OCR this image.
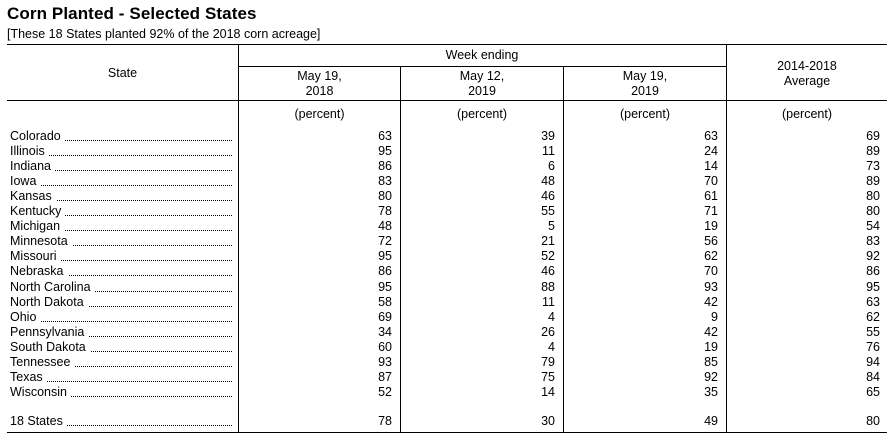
Corn Planted - Selected States
[These 18 States planted 92% of the 2018 corn acreage]
State
Week ending
May 19,
2018
May 12,
2019
May 19,
2019
2014-2018
Average
(percent)	(percent)	(percent)	(percent)
Colorado	63	39	63	69
Illinois	95	11	24	89
Indiana	86	6	14	73
Iowa	83	48	70	89
Kansas	80	46	61	80
Kentucky	78	55	71	80
Michigan	48	5	19	54
Minnesota	72	21	56	83
Missouri	95	52	62	92
Nebraska	86	46	70	86
North Carolina	95	88	93	95
North Dakota	58	11	42	63
Ohio	69	4	9	62
Pennsylvania	34	26	42	55
South Dakota	60	4	19	76
Tennessee	93	79	85	94
Texas	87	75	92	84
Wisconsin	52	14	35	65
18 States	78	30	49	80
